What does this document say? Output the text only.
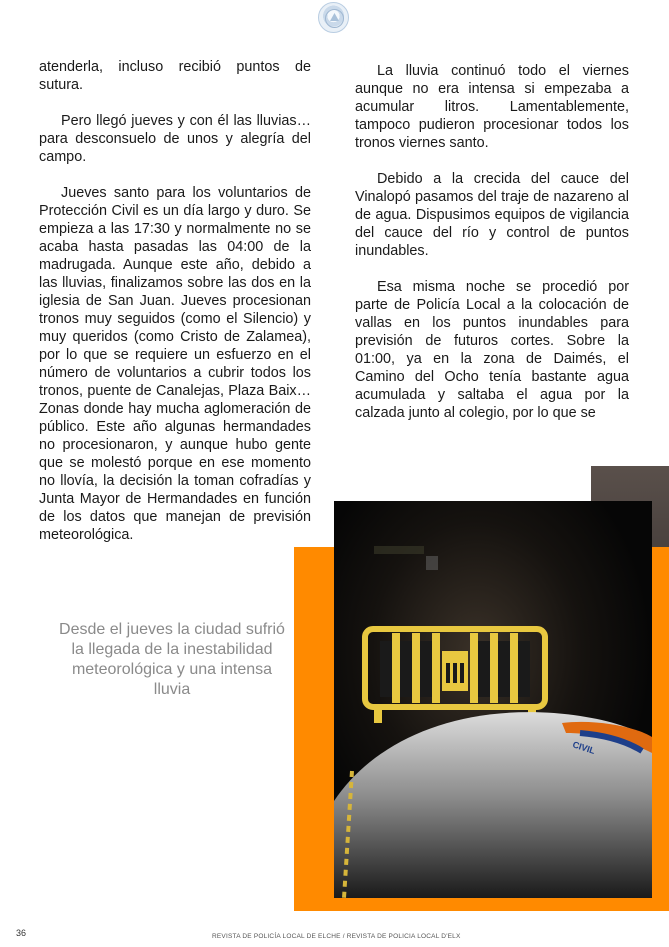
atenderla, incluso recibió puntos de sutura.

Pero llegó jueves y con él las lluvias… para desconsuelo de unos y alegría del campo.

Jueves santo para los voluntarios de Protección Civil es un día largo y duro. Se empieza a las 17:30 y normalmente no se acaba hasta pasadas las 04:00 de la madrugada. Aunque este año, debido a las lluvias, finalizamos sobre las dos en la iglesia de San Juan. Jueves procesionan tronos muy seguidos (como el Silencio) y muy queridos (como Cristo de Zalamea), por lo que se requiere un esfuerzo en el número de voluntarios a cubrir todos los tronos, puente de Canalejas, Plaza Baix… Zonas donde hay mucha aglomeración de público. Este año algunas hermandades no procesionaron, y aunque hubo gente que se molestó porque en ese momento no llovía, la decisión la toman cofradías y Junta Mayor de Hermandades en función de los datos que manejan de previsión meteorológica.

La lluvia continuó todo el viernes aunque no era intensa si empezaba a acumular litros. Lamentablemente, tampoco pudieron procesionar todos los tronos viernes santo.

Debido a la crecida del cauce del Vinalopó pasamos del traje de nazareno al de agua. Dispusimos equipos de vigilancia del cauce del río y control de puntos inundables.

Esa misma noche se procedió por parte de Policía Local a la colocación de vallas en los puntos inundables para previsión de futuros cortes. Sobre la 01:00, ya en la zona de Daimés, el Camino del Ocho tenía bastante agua acumulada y saltaba el agua por la calzada junto al colegio, por lo que se

Desde el jueves la ciudad sufrió la llegada de la inestabilidad meteorológica y una intensa lluvia
CIVIL
36	REVISTA DE POLICÍA LOCAL DE ELCHE / REVISTA DE POLICIA LOCAL D'ELX
